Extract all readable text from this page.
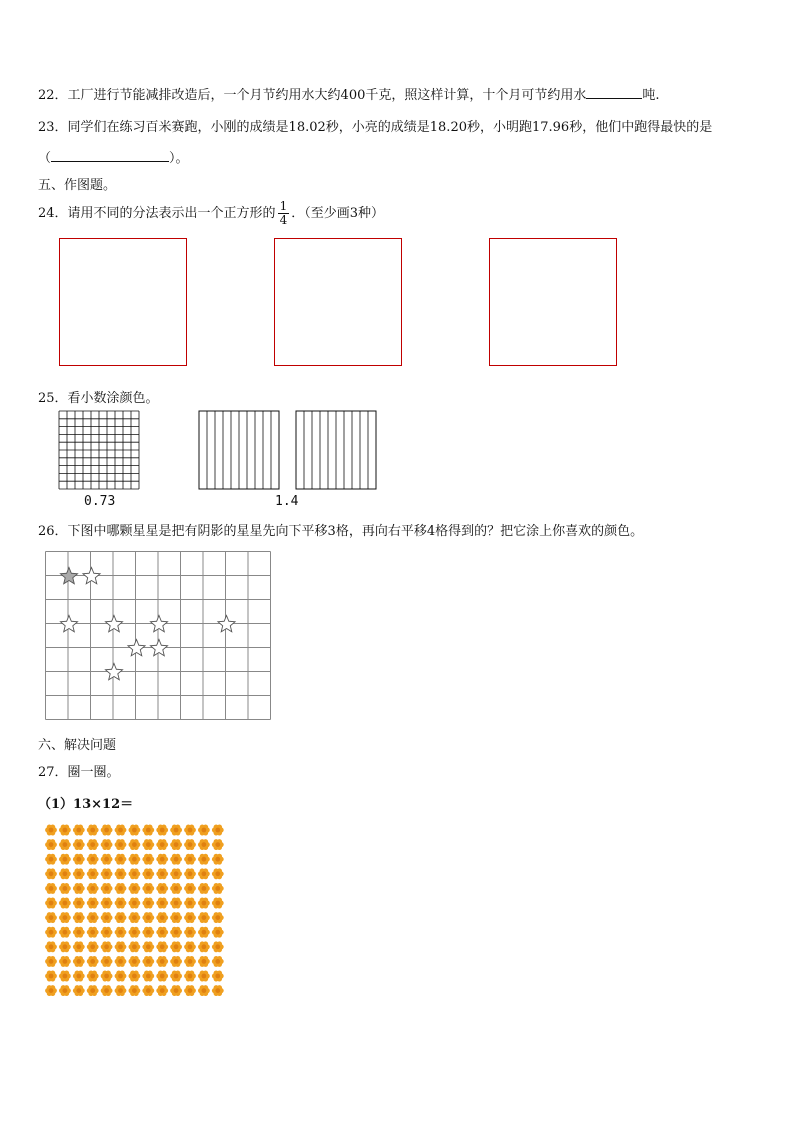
22．工厂进行节能减排改造后，一个月节约用水大约400千克，照这样计算，十个月可节约用水	吨.
23．同学们在练习百米赛跑，小刚的成绩是18.02秒，小亮的成绩是18.20秒，小明跑17.96秒，他们中跑得最快的是
（	）。
五、作图题。
24．请用不同的分法表示出一个正方形的 $\frac{1}{4}$ ．（至少画3种）
25．看小数涂颜色。
0.73	1.4
26．下图中哪颗星星是把有阴影的星星先向下平移3格，再向右平移4格得到的？把它涂上你喜欢的颜色。
六、解决问题
27．圈一圈。
（1）13×12＝
